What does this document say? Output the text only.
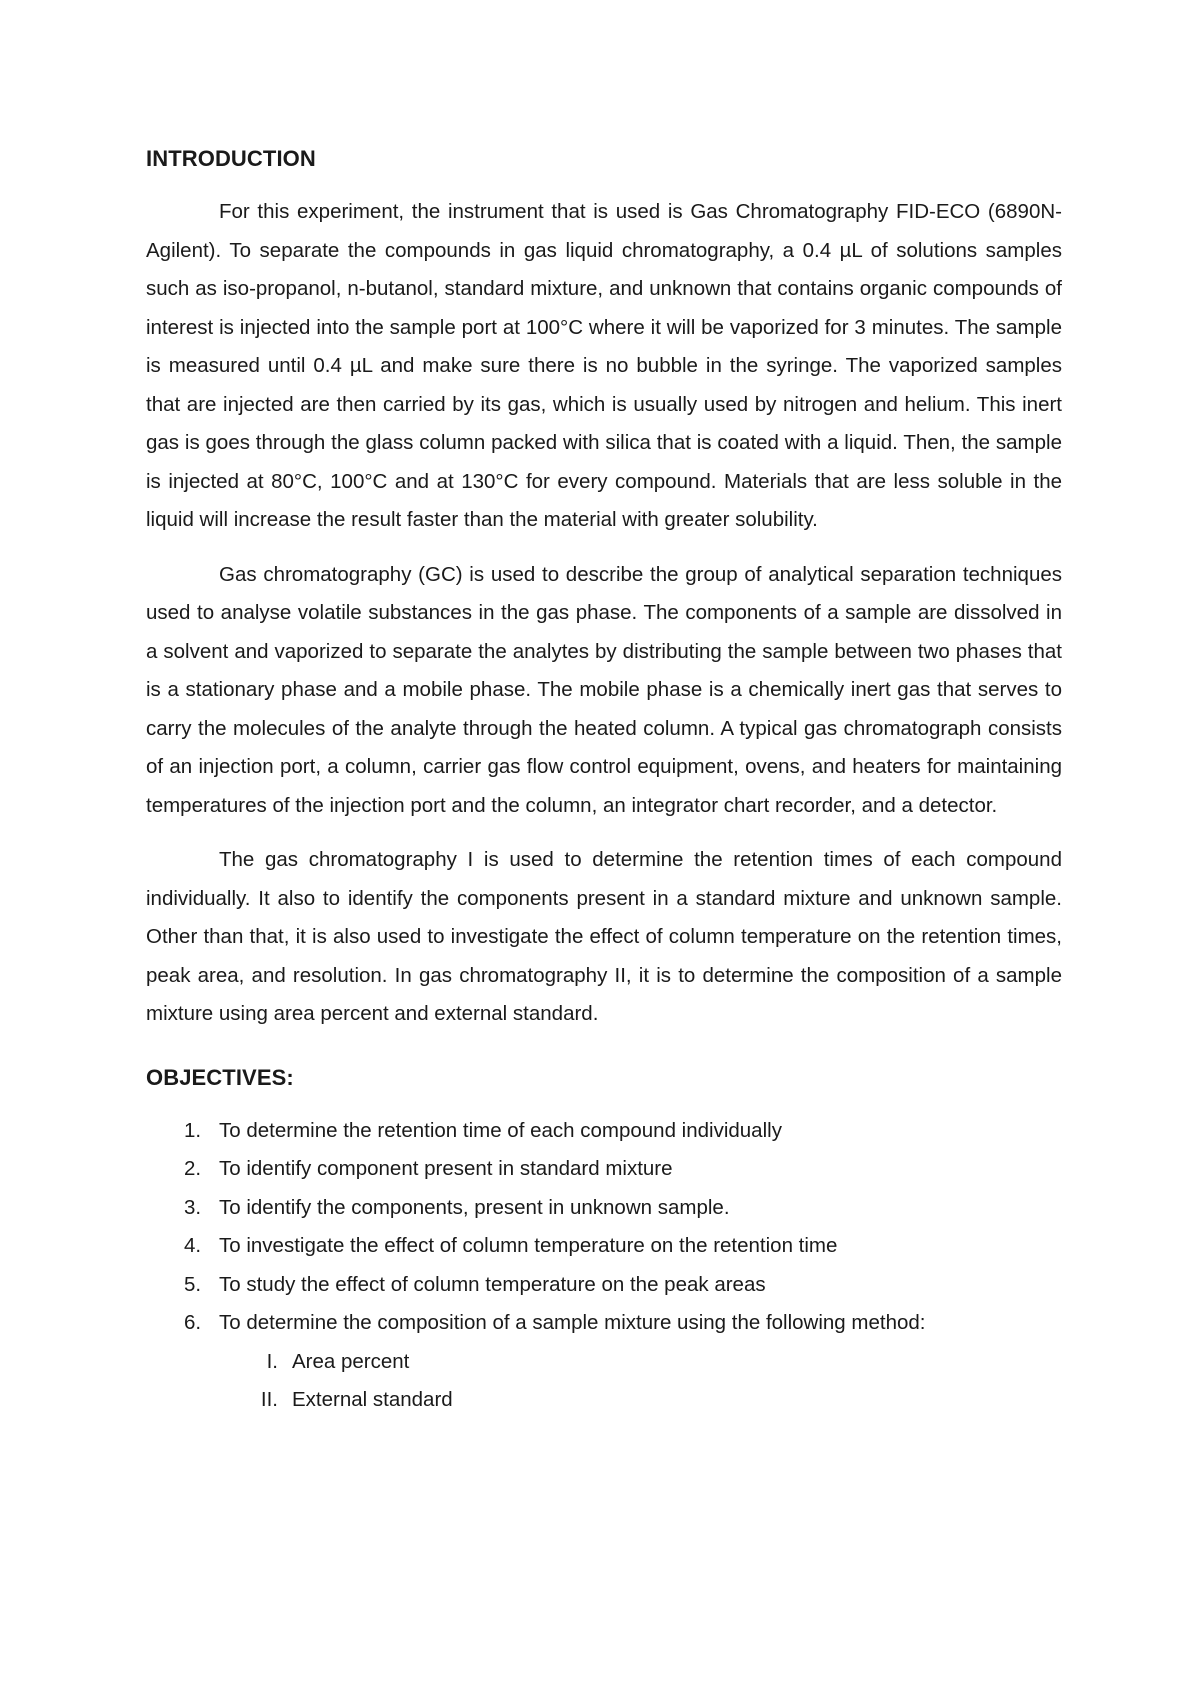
INTRODUCTION

For this experiment, the instrument that is used is Gas Chromatography FID-ECO (6890N- Agilent). To separate the compounds in gas liquid chromatography, a 0.4 µL of solutions samples such as iso-propanol, n-butanol, standard mixture, and unknown that contains organic compounds of interest is injected into the sample port at 100°C where it will be vaporized for 3 minutes. The sample is measured until 0.4 µL and make sure there is no bubble in the syringe. The vaporized samples that are injected are then carried by its gas, which is usually used by nitrogen and helium. This inert gas is goes through the glass column packed with silica that is coated with a liquid. Then, the sample is injected at 80°C, 100°C and at 130°C for every compound. Materials that are less soluble in the liquid will increase the result faster than the material with greater solubility.

Gas chromatography (GC) is used to describe the group of analytical separation techniques used to analyse volatile substances in the gas phase. The components of a sample are dissolved in a solvent and vaporized to separate the analytes by distributing the sample between two phases that is a stationary phase and a mobile phase. The mobile phase is a chemically inert gas that serves to carry the molecules of the analyte through the heated column. A typical gas chromatograph consists of an injection port, a column, carrier gas flow control equipment, ovens, and heaters for maintaining temperatures of the injection port and the column, an integrator chart recorder, and a detector.

The gas chromatography I is used to determine the retention times of each compound individually. It also to identify the components present in a standard mixture and unknown sample. Other than that, it is also used to investigate the effect of column temperature on the retention times, peak area, and resolution. In gas chromatography II, it is to determine the composition of a sample mixture using area percent and external standard.

OBJECTIVES:
1. To determine the retention time of each compound individually
2. To identify component present in standard mixture
3. To identify the components, present in unknown sample.
4. To investigate the effect of column temperature on the retention time
5. To study the effect of column temperature on the peak areas
6. To determine the composition of a sample mixture using the following method:
I. Area percent
II. External standard
